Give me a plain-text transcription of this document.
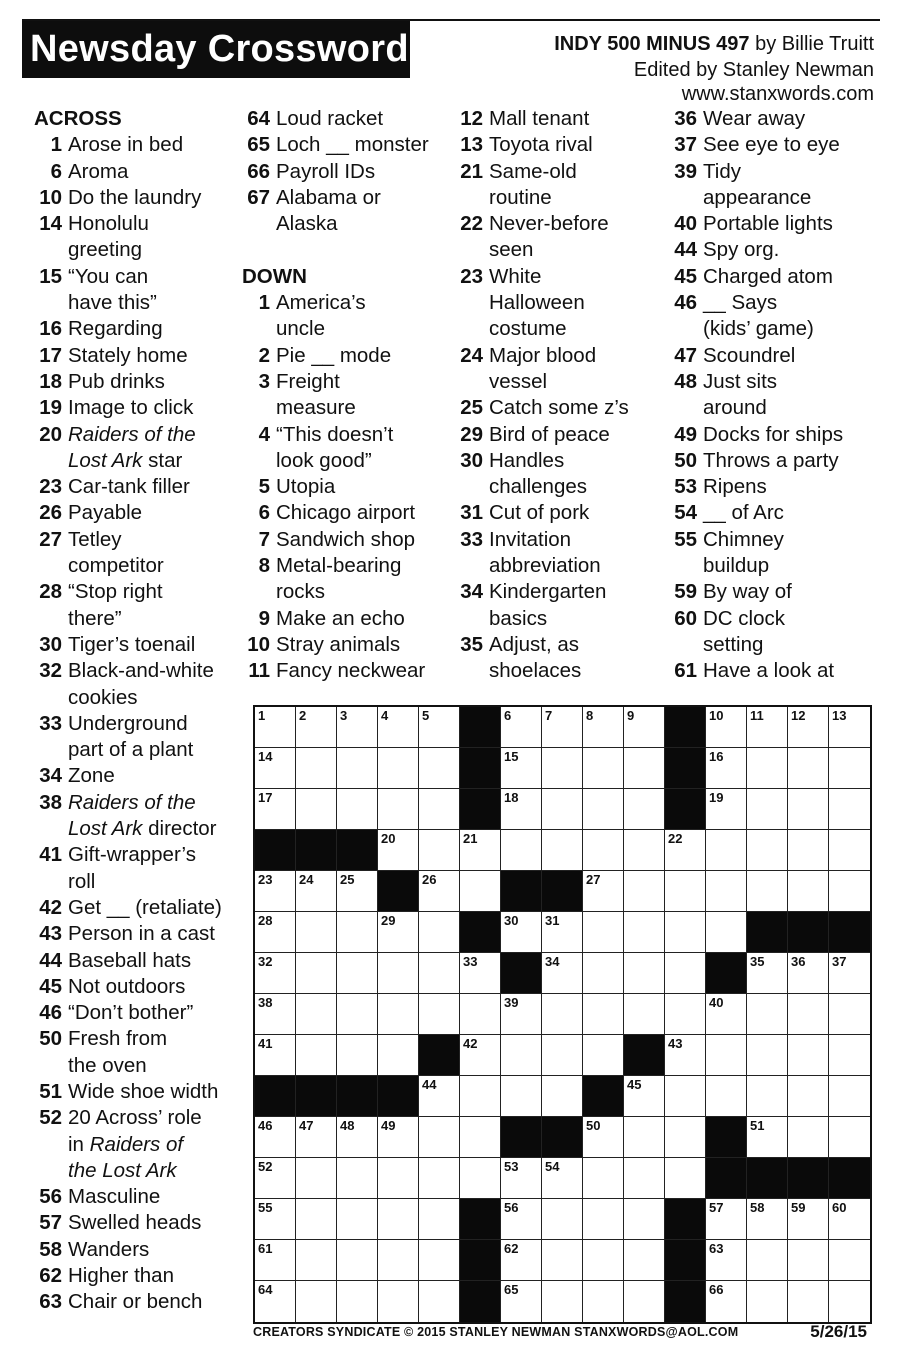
Newsday Crossword	INDY 500 MINUS 497 by Billie Truitt
Edited by Stanley Newman
www.stanxwords.com
ACROSS
1 Arose in bed
6 Aroma
10 Do the laundry
14 Honolulu
greeting
15 “You can
have this”
16 Regarding
17 Stately home
18 Pub drinks
19 Image to click
20 Raiders of the
Lost Ark star
23 Car-tank filler
26 Payable
27 Tetley
competitor
28 “Stop right
there”
30 Tiger’s toenail
32 Black-and-white
cookies
33 Underground
part of a plant
34 Zone
38 Raiders of the
Lost Ark director
41 Gift-wrapper’s
roll
42 Get __ (retaliate)
43 Person in a cast
44 Baseball hats
45 Not outdoors
46 “Don’t bother”
50 Fresh from
the oven
51 Wide shoe width
52 20 Across’ role
in Raiders of
the Lost Ark
56 Masculine
57 Swelled heads
58 Wanders
62 Higher than
63 Chair or bench
64 Loud racket
65 Loch __ monster
66 Payroll IDs
67 Alabama or
Alaska
DOWN
1 America’s
uncle
2 Pie __ mode
3 Freight
measure
4 “This doesn’t
look good”
5 Utopia
6 Chicago airport
7 Sandwich shop
8 Metal-bearing
rocks
9 Make an echo
10 Stray animals
11 Fancy neckwear
12 Mall tenant
13 Toyota rival
21 Same-old
routine
22 Never-before
seen
23 White
Halloween
costume
24 Major blood
vessel
25 Catch some z’s
29 Bird of peace
30 Handles
challenges
31 Cut of pork
33 Invitation
abbreviation
34 Kindergarten
basics
35 Adjust, as
shoelaces
36 Wear away
37 See eye to eye
39 Tidy
appearance
40 Portable lights
44 Spy org.
45 Charged atom
46 __ Says
(kids’ game)
47 Scoundrel
48 Just sits
around
49 Docks for ships
50 Throws a party
53 Ripens
54 __ of Arc
55 Chimney
buildup
59 By way of
60 DC clock
setting
61 Have a look at
1	2	3	4	5	6	7	8	9	10 11 12 13
14	15	16
17	18	19
20	21	22
23 24 25	26	27
28	29	30 31
32	33	34	35 36 37
38	39	40
41	42	43
44	45
46 47 48 49	50	51
52	53 54
55	56	57 58 59 60
61	62	63
64	65	66
CREATORS SYNDICATE © 2015 STANLEY NEWMAN STANXWORDS@AOL.COM	5/26/15
